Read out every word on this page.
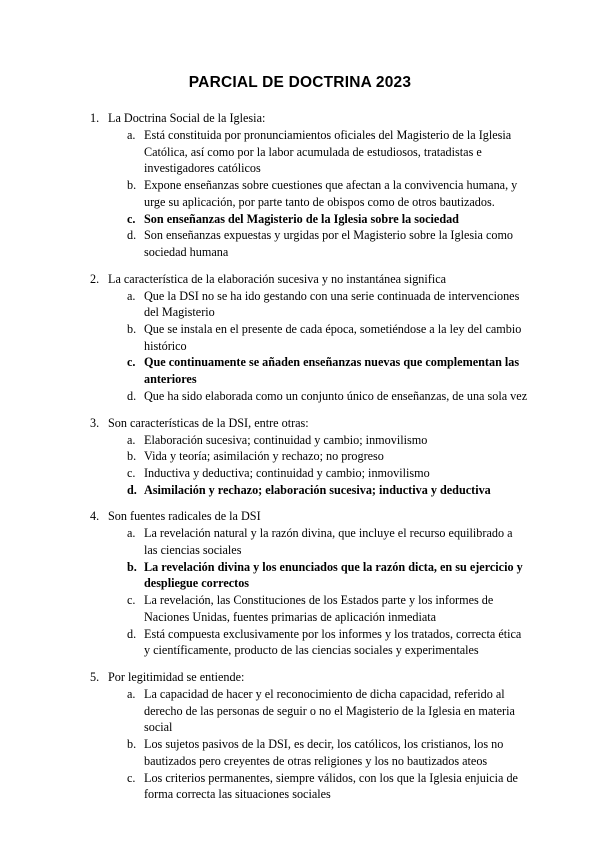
PARCIAL DE DOCTRINA 2023
1. La Doctrina Social de la Iglesia:
a. Está constituida por pronunciamientos oficiales del Magisterio de la Iglesia Católica, así como por la labor acumulada de estudiosos, tratadistas e investigadores católicos
b. Expone enseñanzas sobre cuestiones que afectan a la convivencia humana, y urge su aplicación, por parte tanto de obispos como de otros bautizados.
c. Son enseñanzas del Magisterio de la Iglesia sobre la sociedad
d. Son enseñanzas expuestas y urgidas por el Magisterio sobre la Iglesia como sociedad humana
2. La característica de la elaboración sucesiva y no instantánea significa
a. Que la DSI no se ha ido gestando con una serie continuada de intervenciones del Magisterio
b. Que se instala en el presente de cada época, sometiéndose a la ley del cambio histórico
c. Que continuamente se añaden enseñanzas nuevas que complementan las anteriores
d. Que ha sido elaborada como un conjunto único de enseñanzas, de una sola vez
3. Son características de la DSI, entre otras:
a. Elaboración sucesiva; continuidad y cambio; inmovilismo
b. Vida y teoría; asimilación y rechazo; no progreso
c. Inductiva y deductiva; continuidad y cambio; inmovilismo
d. Asimilación y rechazo; elaboración sucesiva; inductiva y deductiva
4. Son fuentes radicales de la DSI
a. La revelación natural y la razón divina, que incluye el recurso equilibrado a las ciencias sociales
b. La revelación divina y los enunciados que la razón dicta, en su ejercicio y despliegue correctos
c. La revelación, las Constituciones de los Estados parte y los informes de Naciones Unidas, fuentes primarias de aplicación inmediata
d. Está compuesta exclusivamente por los informes y los tratados, correcta ética y científicamente, producto de las ciencias sociales y experimentales
5. Por legitimidad se entiende:
a. La capacidad de hacer y el reconocimiento de dicha capacidad, referido al derecho de las personas de seguir o no el Magisterio de la Iglesia en materia social
b. Los sujetos pasivos de la DSI, es decir, los católicos, los cristianos, los no bautizados pero creyentes de otras religiones y los no bautizados ateos
c. Los criterios permanentes, siempre válidos, con los que la Iglesia enjuicia de forma correcta las situaciones sociales
